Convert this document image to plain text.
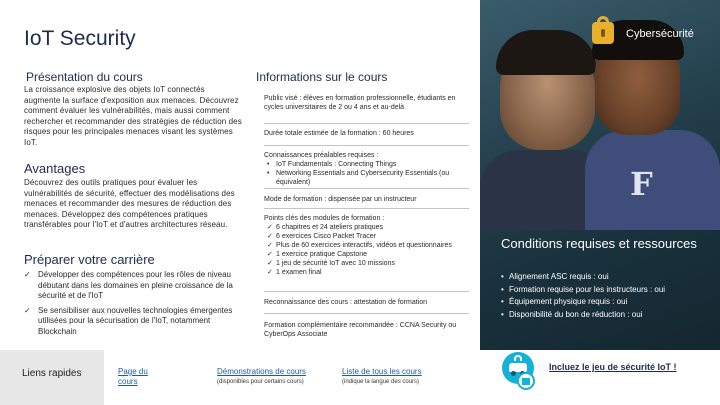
IoT Security
F
Cybersécurité
Présentation du cours
La croissance explosive des objets IoT connectés augmente la surface d'exposition aux menaces. Découvrez comment évaluer les vulnérabilités, mais aussi comment rechercher et recommander des stratégies de réduction des risques pour les principales menaces visant les systèmes IoT.
Avantages
Découvrez des outils pratiques pour évaluer les vulnérabilités de sécurité, effectuer des modélisations des menaces et recommander des mesures de réduction des menaces. Développez des compétences pratiques transférables pour l'IoT et d'autres architectures réseau.
Préparer votre carrière
✓ Développer des compétences pour les rôles de niveau débutant dans les domaines en pleine croissance de la sécurité et de l'IoT
✓ Se sensibiliser aux nouvelles technologies émergentes utilisées pour la sécurisation de l'IoT, notamment Blockchain
Informations sur le cours
Public visé : élèves en formation professionnelle, étudiants en cycles universitaires de 2 ou 4 ans et au-delà
Durée totale estimée de la formation : 60 heures
Connaissances préalables requises :
• IoT Fundamentals : Connecting Things
• Networking Essentials and Cybersecurity Essentials (ou équivalent)
Mode de formation : dispensée par un instructeur
Points clés des modules de formation :
✓ 6 chapitres et 24 ateliers pratiques
✓ 6 exercices Cisco Packet Tracer
✓ Plus de 60 exercices interactifs, vidéos et questionnaires
✓ 1 exercice pratique Capstone
✓ 1 jeu de sécurité IoT avec 10 missions
✓ 1 examen final
Reconnaissance des cours : attestation de formation
Formation complémentaire recommandée : CCNA Security ou CyberOps Associate
Conditions requises et ressources
• Alignement ASC requis : oui
• Formation requise pour les instructeurs : oui
• Équipement physique requis : oui
• Disponibilité du bon de réduction : oui
Liens rapides	Page du cours
Démonstrations de cours
(disponibles pour certains cours)
Liste de tous les cours
(indique la langue des cours)
Incluez le jeu de sécurité IoT !
